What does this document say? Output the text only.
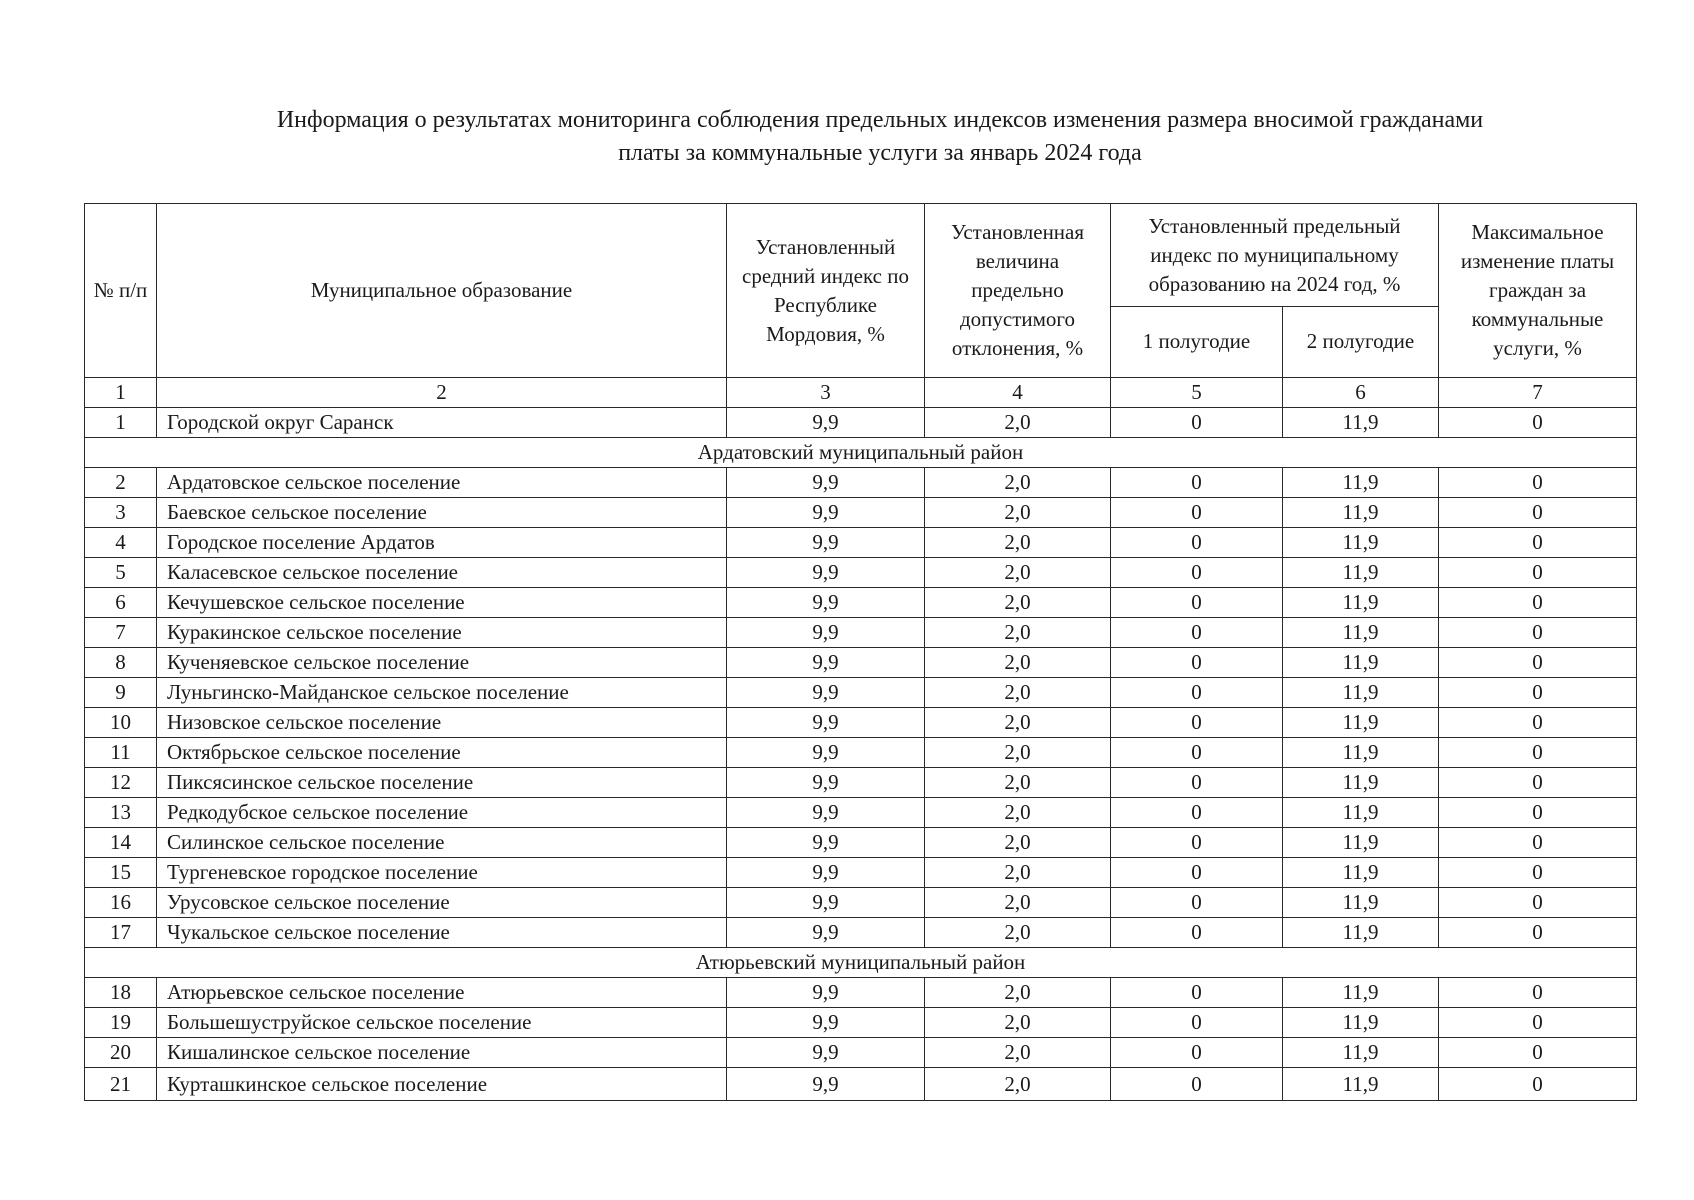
Информация о результатах мониторинга соблюдения предельных индексов изменения размера вносимой гражданами
платы за коммунальные услуги за январь 2024 года
№ п/п	Муниципальное образование	Установленный средний индекс по Республике Мордовия, %	Установленная величина предельно допустимого отклонения, %	Установленный предельный индекс по муниципальному образованию на 2024 год, %		Максимальное изменение платы граждан за коммунальные услуги, %
				1 полугодие	2 полугодие	
1	2	3	4	5	6	7
1	Городской округ Саранск	9,9	2,0	0	11,9	0
Ардатовский муниципальный район						
2	Ардатовское сельское поселение	9,9	2,0	0	11,9	0
3	Баевское сельское поселение	9,9	2,0	0	11,9	0
4	Городское поселение Ардатов	9,9	2,0	0	11,9	0
5	Каласевское сельское поселение	9,9	2,0	0	11,9	0
6	Кечушевское сельское поселение	9,9	2,0	0	11,9	0
7	Куракинское сельское поселение	9,9	2,0	0	11,9	0
8	Кученяевское сельское поселение	9,9	2,0	0	11,9	0
9	Луньгинско-Майданское сельское поселение	9,9	2,0	0	11,9	0
10	Низовское сельское поселение	9,9	2,0	0	11,9	0
11	Октябрьское сельское поселение	9,9	2,0	0	11,9	0
12	Пиксясинское сельское поселение	9,9	2,0	0	11,9	0
13	Редкодубское сельское поселение	9,9	2,0	0	11,9	0
14	Силинское сельское поселение	9,9	2,0	0	11,9	0
15	Тургеневское городское поселение	9,9	2,0	0	11,9	0
16	Урусовское сельское поселение	9,9	2,0	0	11,9	0
17	Чукальское сельское поселение	9,9	2,0	0	11,9	0
Атюрьевский муниципальный район						
18	Атюрьевское сельское поселение	9,9	2,0	0	11,9	0
19	Большешуструйское сельское поселение	9,9	2,0	0	11,9	0
20	Кишалинское сельское поселение	9,9	2,0	0	11,9	0
21	Курташкинское сельское поселение	9,9	2,0	0	11,9	0
